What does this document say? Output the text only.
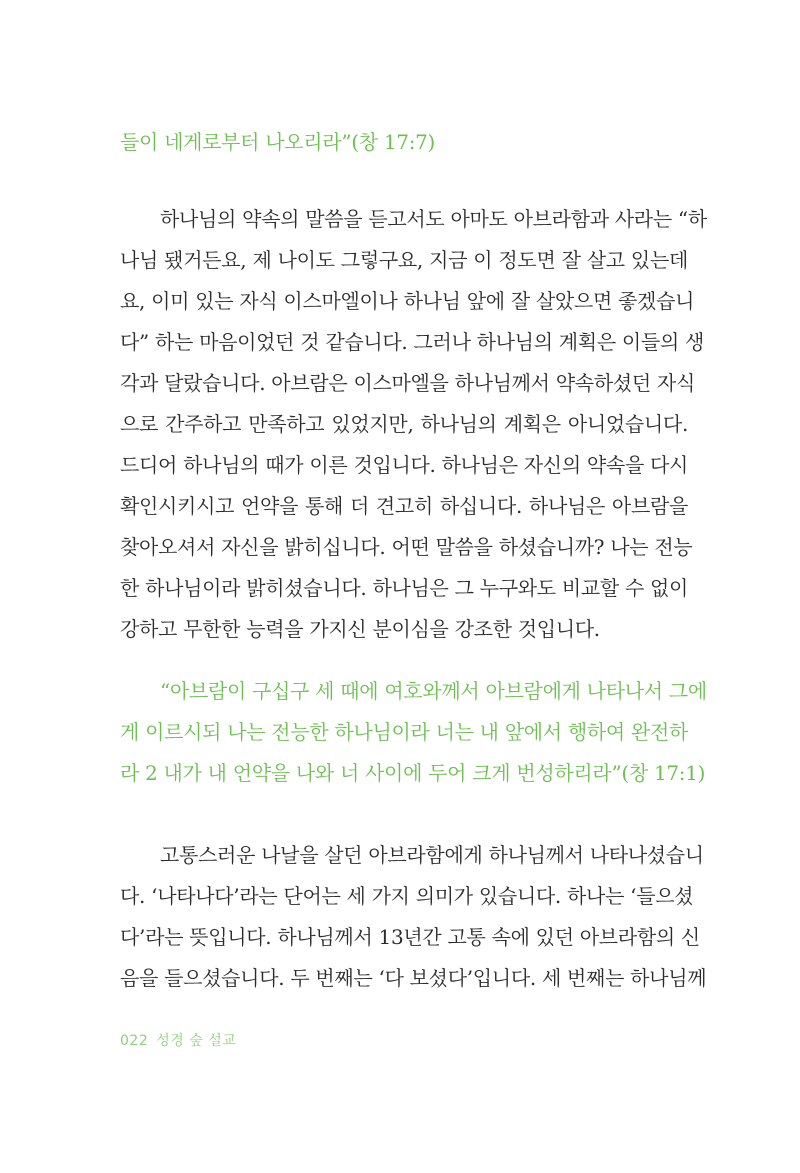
들이 네게로부터 나오리라”(창 17:7)
하나님의 약속의 말씀을 듣고서도 아마도 아브라함과 사라는 “하
나님 됐거든요, 제 나이도 그렇구요, 지금 이 정도면 잘 살고 있는데
요, 이미 있는 자식 이스마엘이나 하나님 앞에 잘 살았으면 좋겠습니
다” 하는 마음이었던 것 같습니다. 그러나 하나님의 계획은 이들의 생
각과 달랐습니다. 아브람은 이스마엘을 하나님께서 약속하셨던 자식
으로 간주하고 만족하고 있었지만, 하나님의 계획은 아니었습니다.
드디어 하나님의 때가 이른 것입니다. 하나님은 자신의 약속을 다시
확인시키시고 언약을 통해 더 견고히 하십니다. 하나님은 아브람을
찾아오셔서 자신을 밝히십니다. 어떤 말씀을 하셨습니까? 나는 전능
한 하나님이라 밝히셨습니다. 하나님은 그 누구와도 비교할 수 없이
강하고 무한한 능력을 가지신 분이심을 강조한 것입니다.
“아브람이 구십구 세 때에 여호와께서 아브람에게 나타나서 그에
게 이르시되 나는 전능한 하나님이라 너는 내 앞에서 행하여 완전하
라 2 내가 내 언약을 나와 너 사이에 두어 크게 번성하리라”(창 17:1)
고통스러운 나날을 살던 아브라함에게 하나님께서 나타나셨습니
다. ‘나타나다’라는 단어는 세 가지 의미가 있습니다. 하나는 ‘들으셨
다’라는 뜻입니다. 하나님께서 13년간 고통 속에 있던 아브라함의 신
음을 들으셨습니다. 두 번째는 ‘다 보셨다’입니다. 세 번째는 하나님께
022 성경 숲 설교
